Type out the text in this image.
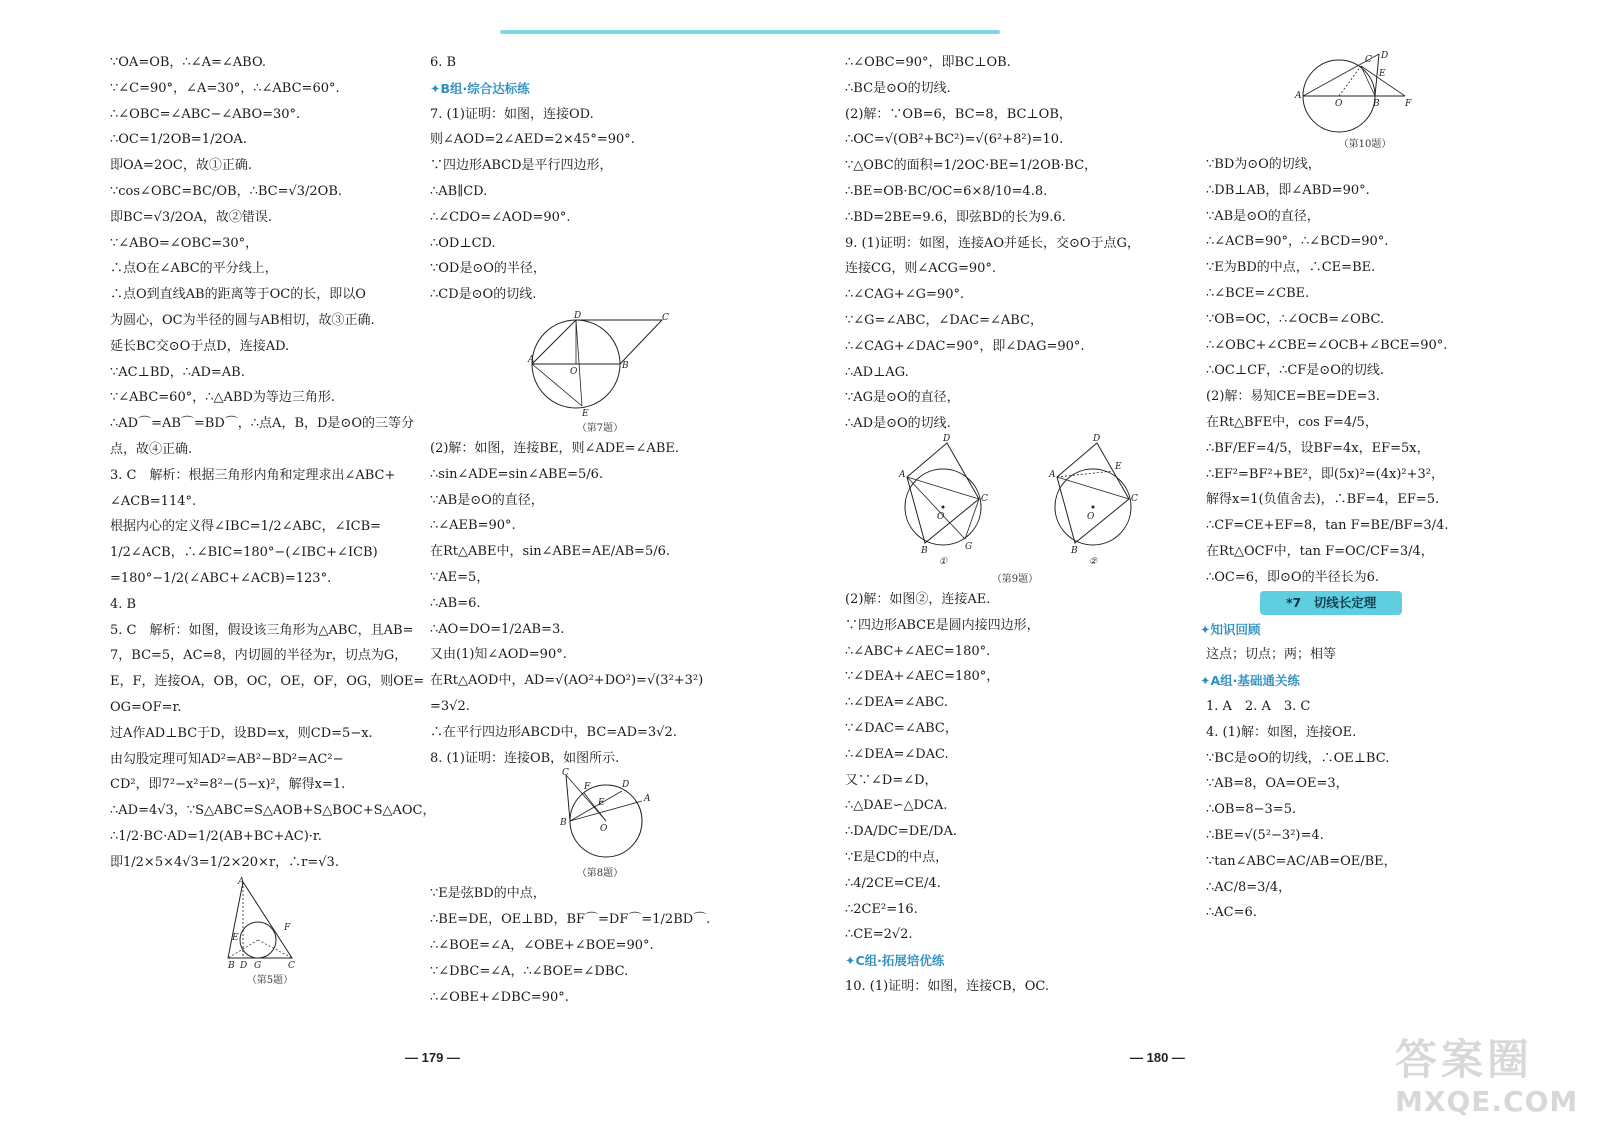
∵OA=OB，∴∠A=∠ABO.
∵∠C=90°，∠A=30°，∴∠ABC=60°.
∴∠OBC=∠ABC−∠ABO=30°.
∴OC=1/2OB=1/2OA.
即OA=2OC，故①正确.
∵cos∠OBC=BC/OB，∴BC=√3/2OB.
即BC=√3/2OA，故②错误.
∵∠ABO=∠OBC=30°，
∴点O在∠ABC的平分线上，
∴点O到直线AB的距离等于OC的长，即以O
为圆心，OC为半径的圆与AB相切，故③正确.
延长BC交⊙O于点D，连接AD.
∵AC⊥BD，∴AD=AB.
∵∠ABC=60°，∴△ABD为等边三角形.
∴AD⌒=AB⌒=BD⌒，∴点A，B，D是⊙O的三等分
点，故④正确.
3. C　解析：根据三角形内角和定理求出∠ABC+
∠ACB=114°.
根据内心的定义得∠IBC=1/2∠ABC，∠ICB=
1/2∠ACB，∴∠BIC=180°−(∠IBC+∠ICB)
=180°−1/2(∠ABC+∠ACB)=123°.
4. B
5. C　解析：如图，假设该三角形为△ABC，且AB=
7，BC=5，AC=8，内切圆的半径为r，切点为G，
E，F，连接OA，OB，OC，OE，OF，OG，则OE=
OG=OF=r.
过A作AD⊥BC于D，设BD=x，则CD=5−x.
由勾股定理可知AD²=AB²−BD²=AC²−
CD²，即7²−x²=8²−(5−x)²，解得x=1.
∴AD=4√3，∵S△ABC=S△AOB+S△BOC+S△AOC，
∴1/2·BC·AD=1/2(AB+BC+AC)·r.
即1/2×5×4√3=1/2×20×r，∴r=√3.
A
F
E
B D G	C
（第5题）
6. B
✦B组·综合达标练
7. (1)证明：如图，连接OD.
则∠AOD=2∠AED=2×45°=90°.
∵四边形ABCD是平行四边形，
∴AB∥CD.
∴∠CDO=∠AOD=90°.
∴OD⊥CD.
∵OD是⊙O的半径，
∴CD是⊙O的切线.
D	C
A
O
B
E
（第7题）
(2)解：如图，连接BE，则∠ADE=∠ABE.
∴sin∠ADE=sin∠ABE=5/6.
∵AB是⊙O的直径，
∴∠AEB=90°.
在Rt△ABE中，sin∠ABE=AE/AB=5/6.
∵AE=5，
∴AB=6.
∴AO=DO=1/2AB=3.
又由(1)知∠AOD=90°.
在Rt△AOD中，AD=√(AO²+DO²)=√(3²+3²)
=3√2.
∴在平行四边形ABCD中，BC=AD=3√2.
8. (1)证明：连接OB，如图所示.
C
F	D
A
B
O
E
（第8题）
∵E是弦BD的中点，
∴BE=DE，OE⊥BD，BF⌒=DF⌒=1/2BD⌒.
∴∠BOE=∠A，∠OBE+∠BOE=90°.
∵∠DBC=∠A，∴∠BOE=∠DBC.
∴∠OBE+∠DBC=90°.
∴∠OBC=90°，即BC⊥OB.
∴BC是⊙O的切线.
(2)解：∵OB=6，BC=8，BC⊥OB，
∴OC=√(OB²+BC²)=√(6²+8²)=10.
∵△OBC的面积=1/2OC·BE=1/2OB·BC，
∴BE=OB·BC/OC=6×8/10=4.8.
∴BD=2BE=9.6，即弦BD的长为9.6.
9. (1)证明：如图，连接AO并延长，交⊙O于点G，
连接CG，则∠ACG=90°.
∴∠CAG+∠G=90°.
∵∠G=∠ABC，∠DAC=∠ABC，
∴∠CAG+∠DAC=90°，即∠DAG=90°.
∴AD⊥AG.
∵AG是⊙O的直径，
∴AD是⊙O的切线.
D
A
C
B	G
O
①
D
A
C
B
E
O
②
（第9题）
(2)解：如图②，连接AE.
∵四边形ABCE是圆内接四边形，
∴∠ABC+∠AEC=180°.
∵∠DEA+∠AEC=180°，
∴∠DEA=∠ABC.
∵∠DAC=∠ABC，
∴∠DEA=∠DAC.
又∵∠D=∠D，
∴△DAE∽△DCA.
∴DA/DC=DE/DA.
∵E是CD的中点，
∴4/2CE=CE/4.
∴2CE²=16.
∴CE=2√2.
✦C组·拓展培优练
10. (1)证明：如图，连接CB，OC.
D
C
E
A
O	B	F
（第10题）
∵BD为⊙O的切线，
∴DB⊥AB，即∠ABD=90°.
∵AB是⊙O的直径，
∴∠ACB=90°，∴∠BCD=90°.
∵E为BD的中点，∴CE=BE.
∴∠BCE=∠CBE.
∵OB=OC，∴∠OCB=∠OBC.
∴∠OBC+∠CBE=∠OCB+∠BCE=90°.
∴OC⊥CF，∴CF是⊙O的切线.
(2)解：易知CE=BE=DE=3.
在Rt△BFE中，cos F=4/5，
∴BF/EF=4/5，设BF=4x，EF=5x，
∴EF²=BF²+BE²，即(5x)²=(4x)²+3²，
解得x=1(负值舍去)，∴BF=4，EF=5.
∴CF=CE+EF=8，tan F=BE/BF=3/4.
在Rt△OCF中，tan F=OC/CF=3/4，
∴OC=6，即⊙O的半径长为6.
*7　切线长定理
✦知识回顾
这点；切点；两；相等
✦A组·基础通关练
1. A　2. A　3. C
4. (1)解：如图，连接OE.
∵BC是⊙O的切线，∴OE⊥BC.
∵AB=8，OA=OE=3，
∴OB=8−3=5.
∴BE=√(5²−3²)=4.
∵tan∠ABC=AC/AB=OE/BE，
∴AC/8=3/4，
∴AC=6.
— 179 —	— 180 —	答案圈
MXQE.COM
